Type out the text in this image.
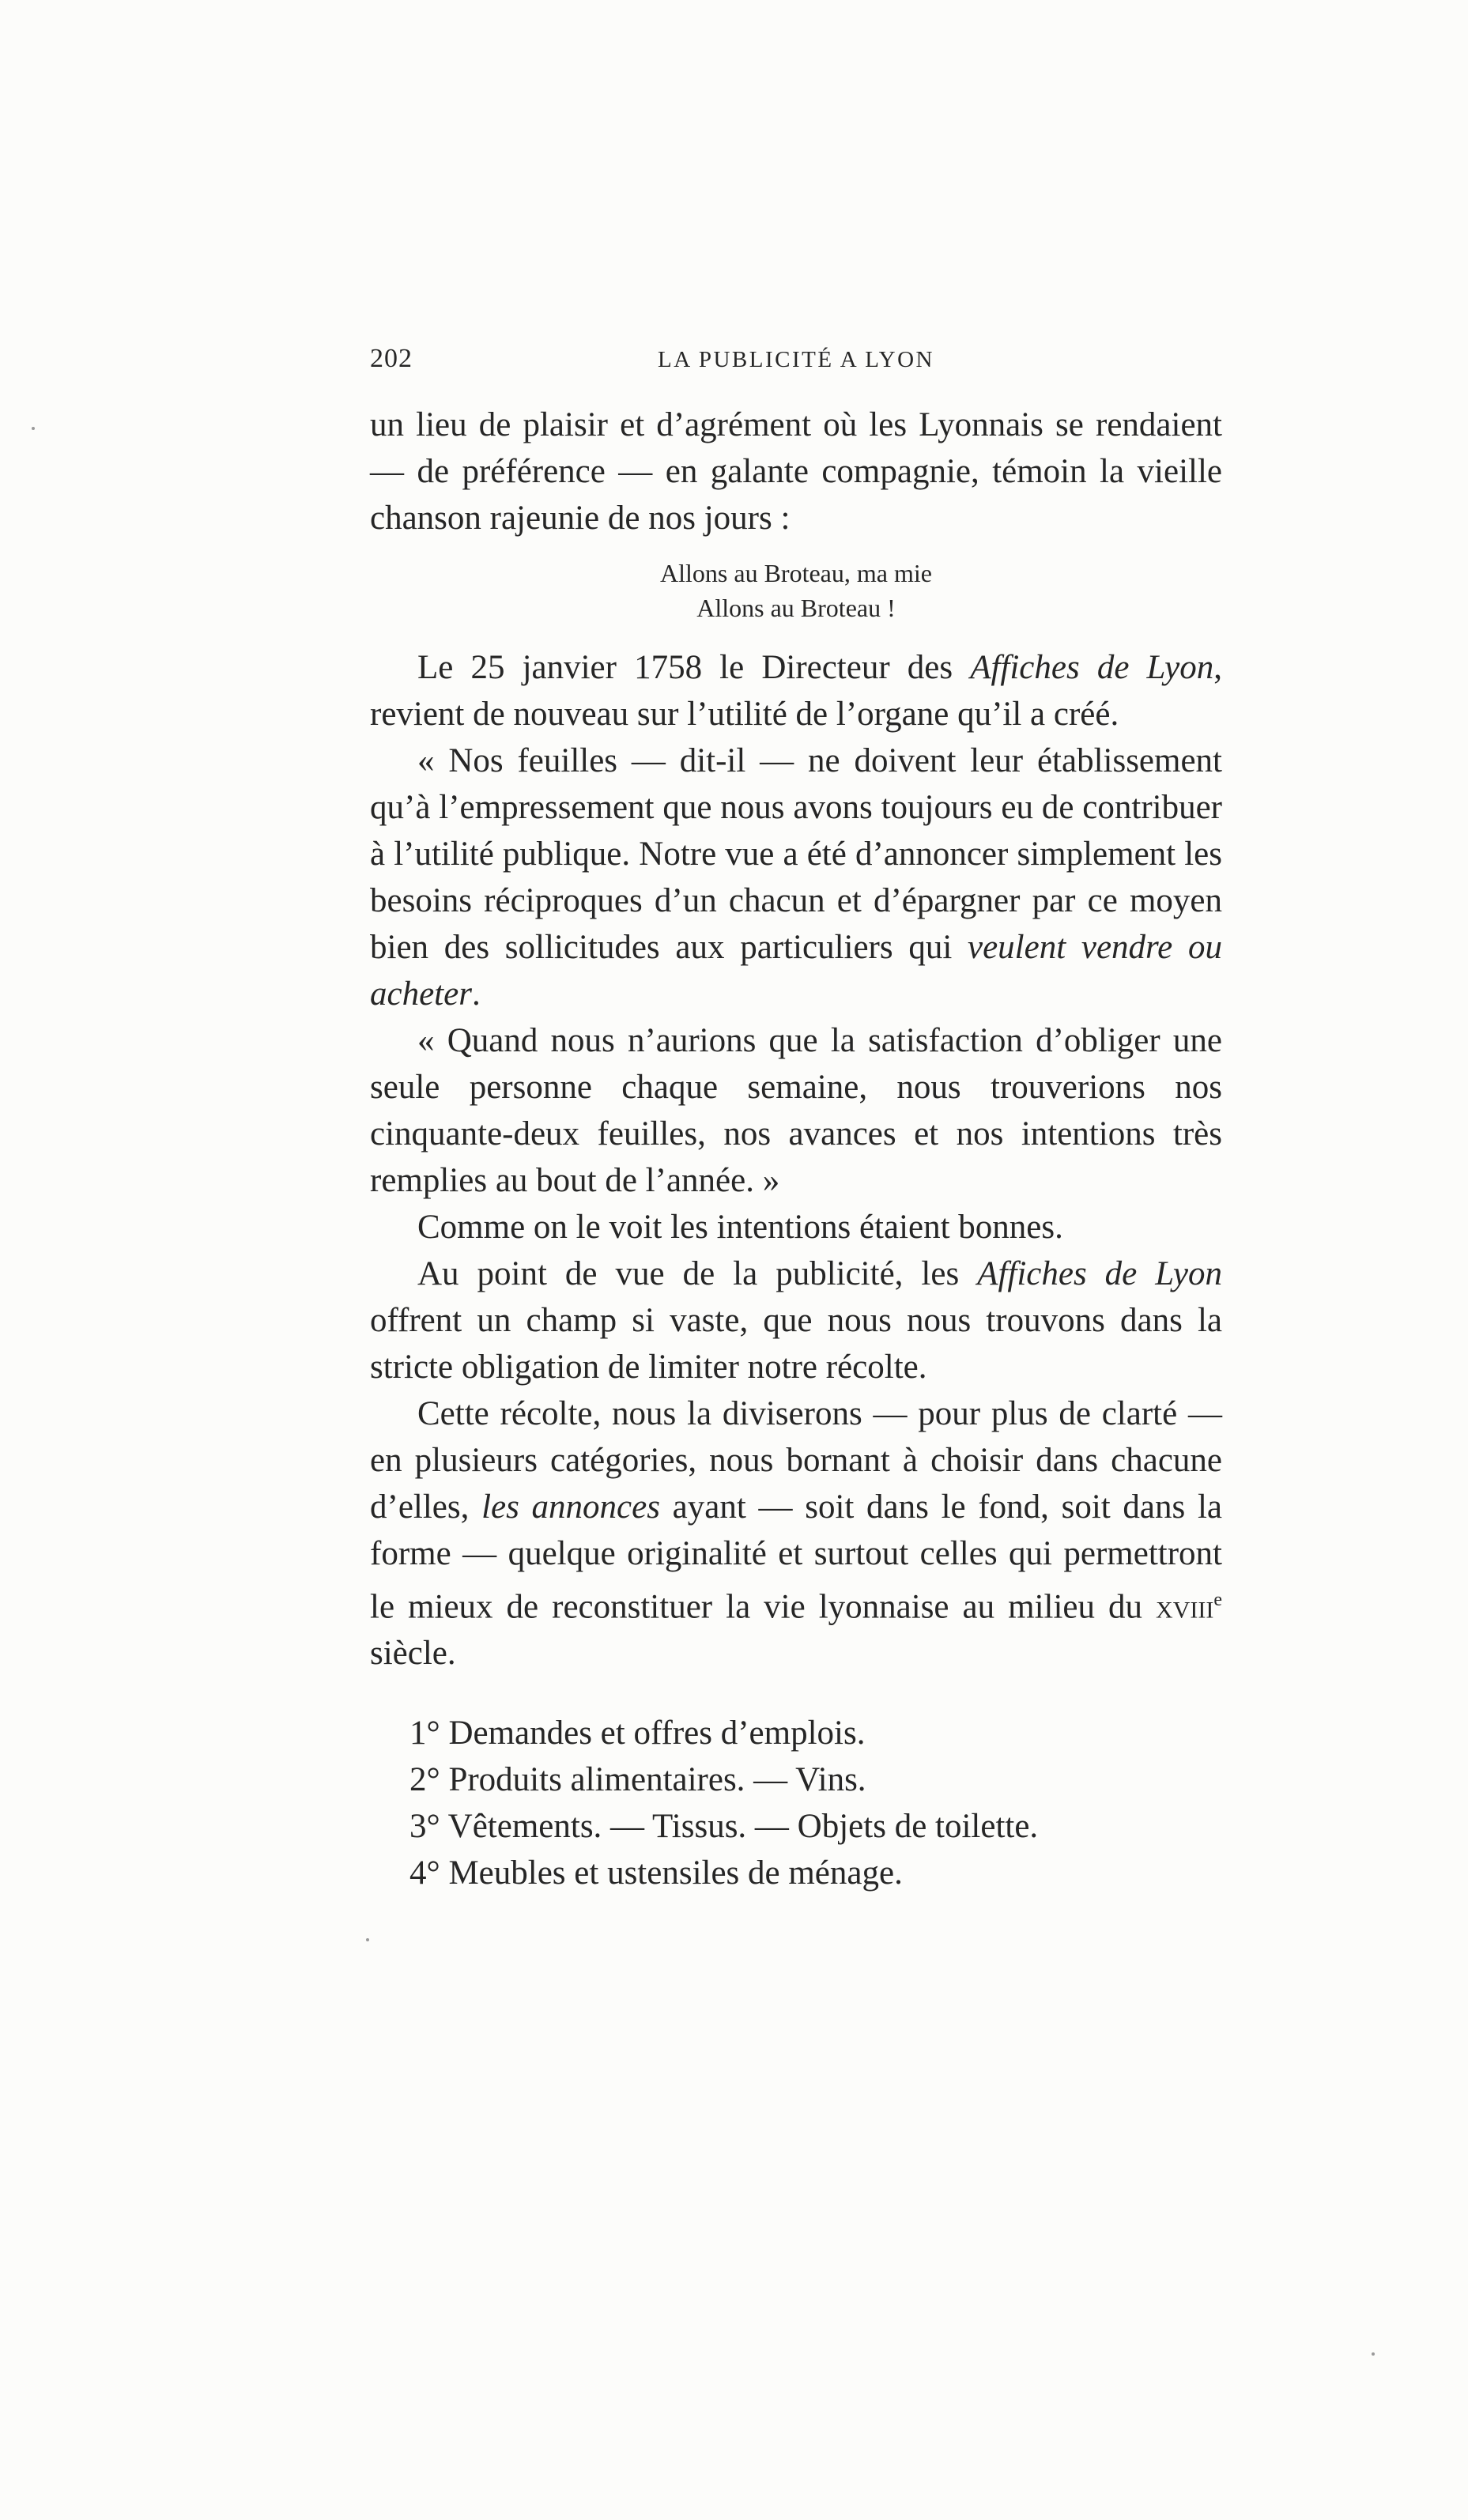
202	LA PUBLICITÉ A LYON

un lieu de plaisir et d’agrément où les Lyonnais se rendaient — de préférence — en galante compagnie, témoin la vieille chanson rajeunie de nos jours :

Allons au Broteau, ma mie
Allons au Broteau !

Le 25 janvier 1758 le Directeur des Affiches de Lyon, revient de nouveau sur l’utilité de l’organe qu’il a créé.

« Nos feuilles — dit-il — ne doivent leur établissement qu’à l’empressement que nous avons toujours eu de contribuer à l’utilité publique. Notre vue a été d’annoncer simplement les besoins réciproques d’un chacun et d’épargner par ce moyen bien des sollicitudes aux particuliers qui veulent vendre ou acheter.

« Quand nous n’aurions que la satisfaction d’obliger une seule personne chaque semaine, nous trouverions nos cinquante-deux feuilles, nos avances et nos intentions très remplies au bout de l’année. »

Comme on le voit les intentions étaient bonnes.

Au point de vue de la publicité, les Affiches de Lyon offrent un champ si vaste, que nous nous trouvons dans la stricte obligation de limiter notre récolte.

Cette récolte, nous la diviserons — pour plus de clarté — en plusieurs catégories, nous bornant à choisir dans chacune d’elles, les annonces ayant — soit dans le fond, soit dans la forme — quelque originalité et surtout celles qui permettront le mieux de reconstituer la vie lyonnaise au milieu du xviii$^e$ siècle.

1° Demandes et offres d’emplois.
2° Produits alimentaires. — Vins.
3° Vêtements. — Tissus. — Objets de toilette.
4° Meubles et ustensiles de ménage.
